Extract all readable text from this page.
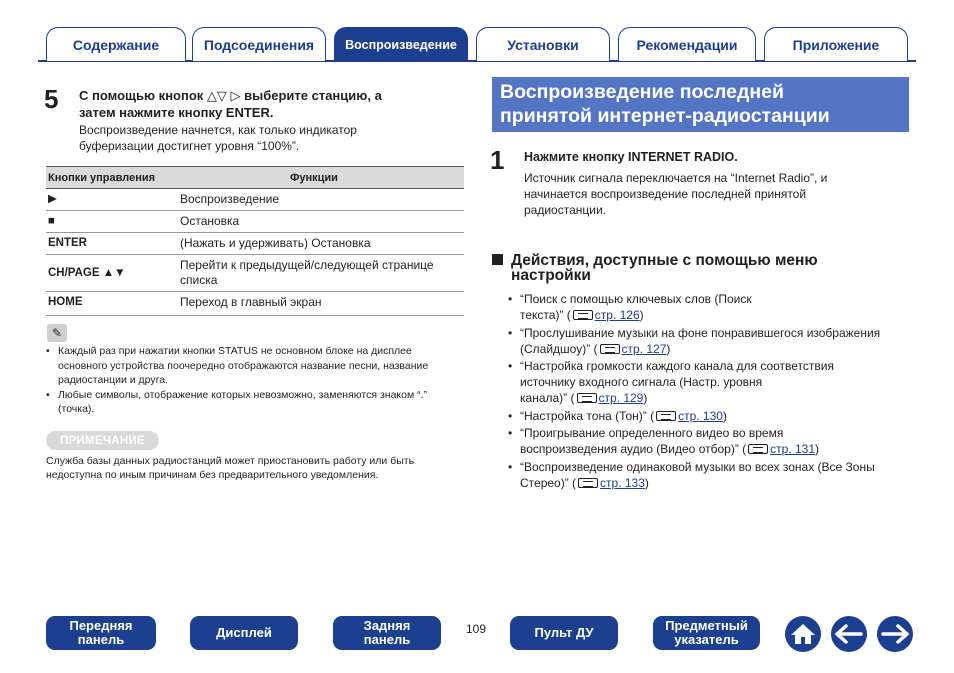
Содержание	Подсоединения	Воспроизведение	Установки	Рекомендации	Приложение
5 С помощью кнопок △▽ ▷ выберите станцию, а
затем нажмите кнопку ENTER.
Воспроизведение начнется, как только индикатор
буферизации достигнет уровня “100%”.
Кнопки управления	Функции
▶	Воспроизведение
■	Остановка
ENTER	(Нажать и удерживать) Остановка
CH/PAGE ▲▼	Перейти к предыдущей/следующей странице списка
HOME	Переход в главный экран
✎
• Каждый раз при нажатии кнопки STATUS не основном блоке на дисплее основного устройства поочередно отображаются название песни, название радиостанции и друга.
• Любые символы, отображение которых невозможно, заменяются знаком “.” (точка).
ПРИМЕЧАНИЕ
Служба базы данных радиостанций может приостановить работу или быть
недоступна по иным причинам без предварительного уведомления.
Воспроизведение последней
принятой интернет-радиостанции
1 Нажмите кнопку INTERNET RADIO.
Источник сигнала переключается на “Internet Radio”, и
начинается воспроизведение последней принятой
радиостанции.
Действия, доступные с помощью меню
настройки
• “Поиск с помощью ключевых слов (Поиск
текста)” ( стр. 126)
• “Прослушивание музыки на фоне понравившегося изображения
(Слайдшоу)” ( стр. 127)
• “Настройка громкости каждого канала для соответствия
источнику входного сигнала (Настр. уровня
канала)” ( стр. 129)
• “Настройка тона (Тон)” ( стр. 130)
• “Проигрывание определенного видео во время
воспроизведения аудио (Видео отбор)” ( стр. 131)
• “Воспроизведение одинаковой музыки во всех зонах (Все Зоны
Стерео)” ( стр. 133)
Передняя
панель	Дисплей	Задняя
панель
109	Пульт ДУ	Предметный
указатель
